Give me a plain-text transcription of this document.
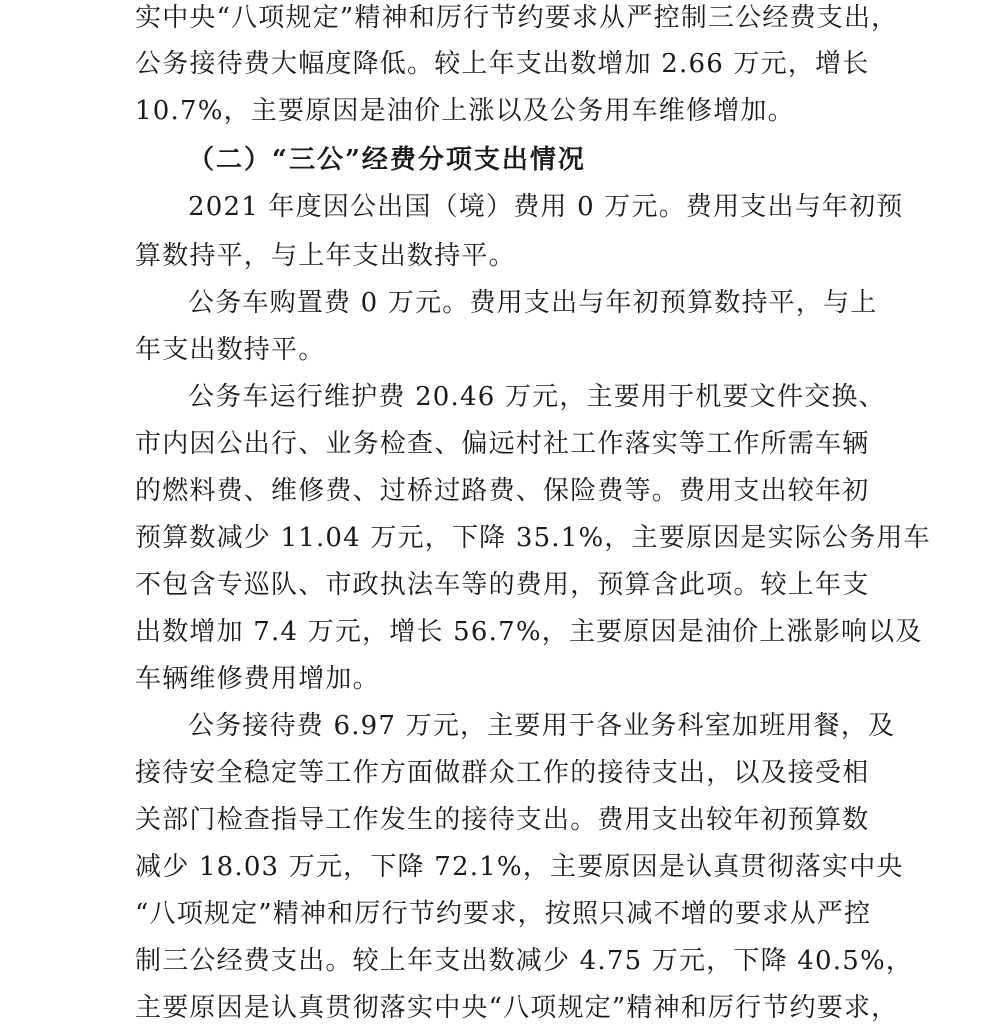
实中央“八项规定”精神和厉行节约要求从严控制三公经费支出，
公务接待费大幅度降低。较上年支出数增加 2.66 万元，增长
10.7%，主要原因是油价上涨以及公务用车维修增加。
（二）“三公”经费分项支出情况
2021 年度因公出国（境）费用 0 万元。费用支出与年初预
算数持平，与上年支出数持平。
公务车购置费 0 万元。费用支出与年初预算数持平，与上
年支出数持平。
公务车运行维护费 20.46 万元，主要用于机要文件交换、
市内因公出行、业务检查、偏远村社工作落实等工作所需车辆
的燃料费、维修费、过桥过路费、保险费等。费用支出较年初
预算数减少 11.04 万元，下降 35.1%，主要原因是实际公务用车
不包含专巡队、市政执法车等的费用，预算含此项。较上年支
出数增加 7.4 万元，增长 56.7%，主要原因是油价上涨影响以及
车辆维修费用增加。
公务接待费 6.97 万元，主要用于各业务科室加班用餐，及
接待安全稳定等工作方面做群众工作的接待支出，以及接受相
关部门检查指导工作发生的接待支出。费用支出较年初预算数
减少 18.03 万元，下降 72.1%，主要原因是认真贯彻落实中央
“八项规定”精神和厉行节约要求，按照只减不增的要求从严控
制三公经费支出。较上年支出数减少 4.75 万元，下降 40.5%，
主要原因是认真贯彻落实中央“八项规定”精神和厉行节约要求，
